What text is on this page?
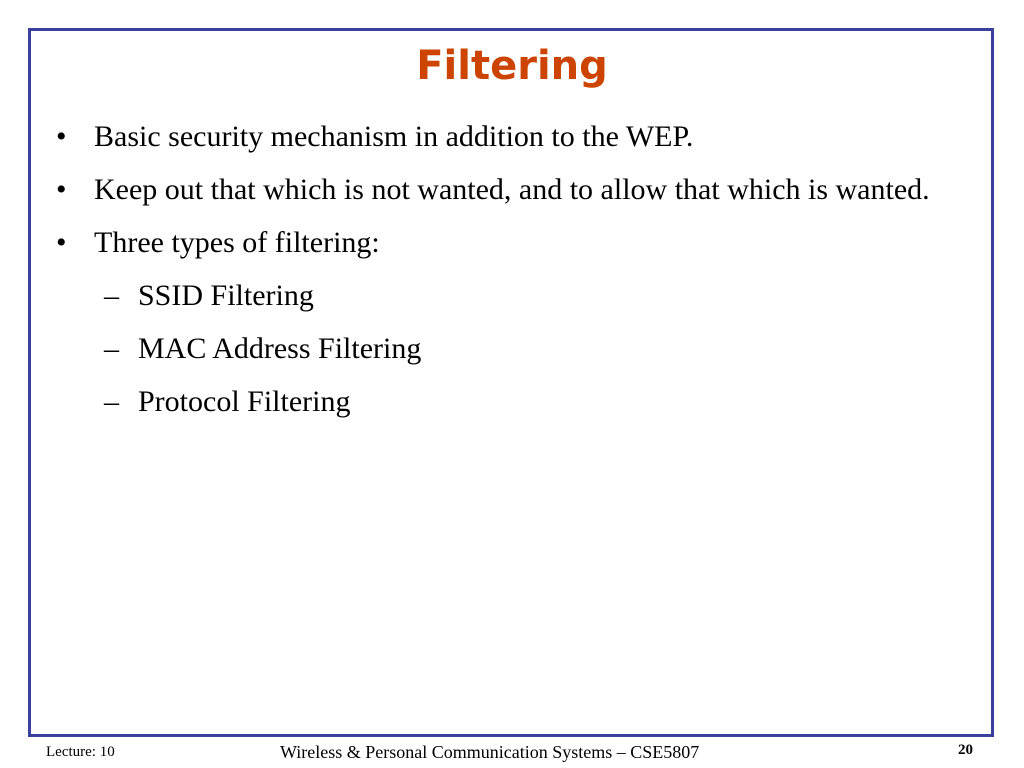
Filtering
• Basic security mechanism in addition to the WEP.
• Keep out that which is not wanted, and to allow that which is wanted.
• Three types of filtering:
– SSID Filtering
– MAC Address Filtering
– Protocol Filtering
Lecture: 10	Wireless & Personal Communication Systems – CSE5807	20
